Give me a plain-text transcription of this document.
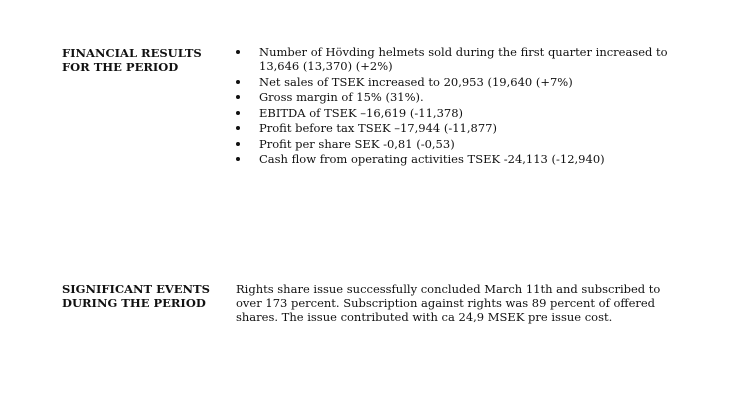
FINANCIAL RESULTS
FOR THE PERIOD
Number of Hövding helmets sold during the first quarter increased to 13,646 (13,370) (+2%)
Net sales of TSEK increased to 20,953 (19,640 (+7%)
Gross margin of 15% (31%).
EBITDA of TSEK –16,619 (-11,378)
Profit before tax TSEK –17,944 (-11,877)
Profit per share SEK -0,81 (-0,53)
Cash flow from operating activities TSEK -24,113 (-12,940)
SIGNIFICANT EVENTS
DURING THE PERIOD

Rights share issue successfully concluded March 11th and subscribed to over 173 percent. Subscription against rights was 89 percent of offered shares. The issue contributed with ca 24,9 MSEK pre issue cost.
